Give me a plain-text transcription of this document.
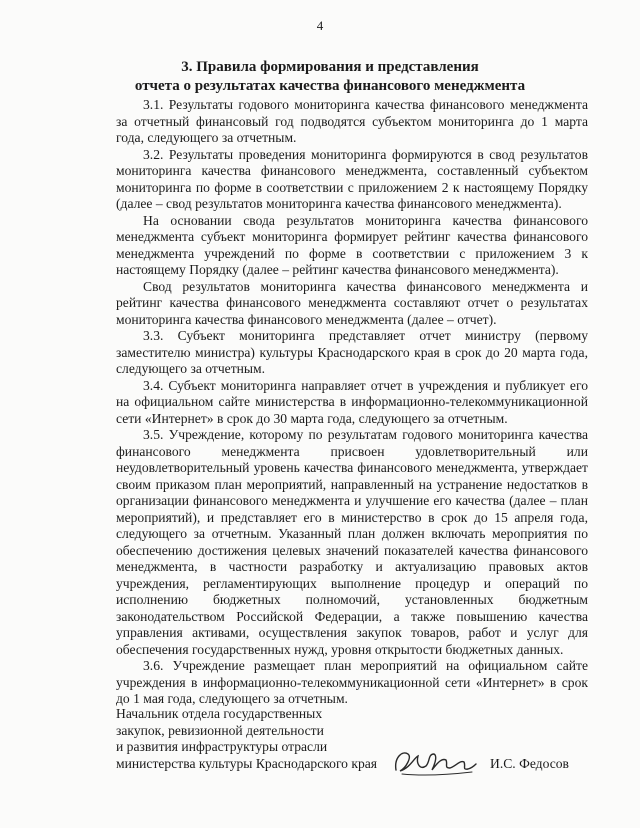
4
3. Правила формирования и представления
отчета о результатах качества финансового менеджмента

3.1. Результаты годового мониторинга качества финансового менеджмента за отчетный финансовый год подводятся субъектом мониторинга до 1 марта года, следующего за отчетным.

3.2. Результаты проведения мониторинга формируются в свод результатов мониторинга качества финансового менеджмента, составленный субъектом мониторинга по форме в соответствии с приложением 2 к настоящему Порядку (далее – свод результатов мониторинга качества финансового менеджмента).

На основании свода результатов мониторинга качества финансового менеджмента субъект мониторинга формирует рейтинг качества финансового менеджмента учреждений по форме в соответствии с приложением 3 к настоящему Порядку (далее – рейтинг качества финансового менеджмента).

Свод результатов мониторинга качества финансового менеджмента и рейтинг качества финансового менеджмента составляют отчет о результатах мониторинга качества финансового менеджмента (далее – отчет).

3.3. Субъект мониторинга представляет отчет министру (первому заместителю министра) культуры Краснодарского края в срок до 20 марта года, следующего за отчетным.

3.4. Субъект мониторинга направляет отчет в учреждения и публикует его на официальном сайте министерства в информационно-телекоммуникационной сети «Интернет» в срок до 30 марта года, следующего за отчетным.

3.5. Учреждение, которому по результатам годового мониторинга качества финансового менеджмента присвоен удовлетворительный или неудовлетворительный уровень качества финансового менеджмента, утверждает своим приказом план мероприятий, направленный на устранение недостатков в организации финансового менеджмента и улучшение его качества (далее – план мероприятий), и представляет его в министерство в срок до 15 апреля года, следующего за отчетным. Указанный план должен включать мероприятия по обеспечению достижения целевых значений показателей качества финансового менеджмента, в частности разработку и актуализацию правовых актов учреждения, регламентирующих выполнение процедур и операций по исполнению бюджетных полномочий, установленных бюджетным законодательством Российской Федерации, а также повышению качества управления активами, осуществления закупок товаров, работ и услуг для обеспечения государственных нужд, уровня открытости бюджетных данных.

3.6. Учреждение размещает план мероприятий на официальном сайте учреждения в информационно-телекоммуникационной сети «Интернет» в срок до 1 мая года, следующего за отчетным.

Начальник отдела государственных
закупок, ревизионной деятельности
и развития инфраструктуры отрасли
министерства культуры Краснодарского края	И.С. Федосов
